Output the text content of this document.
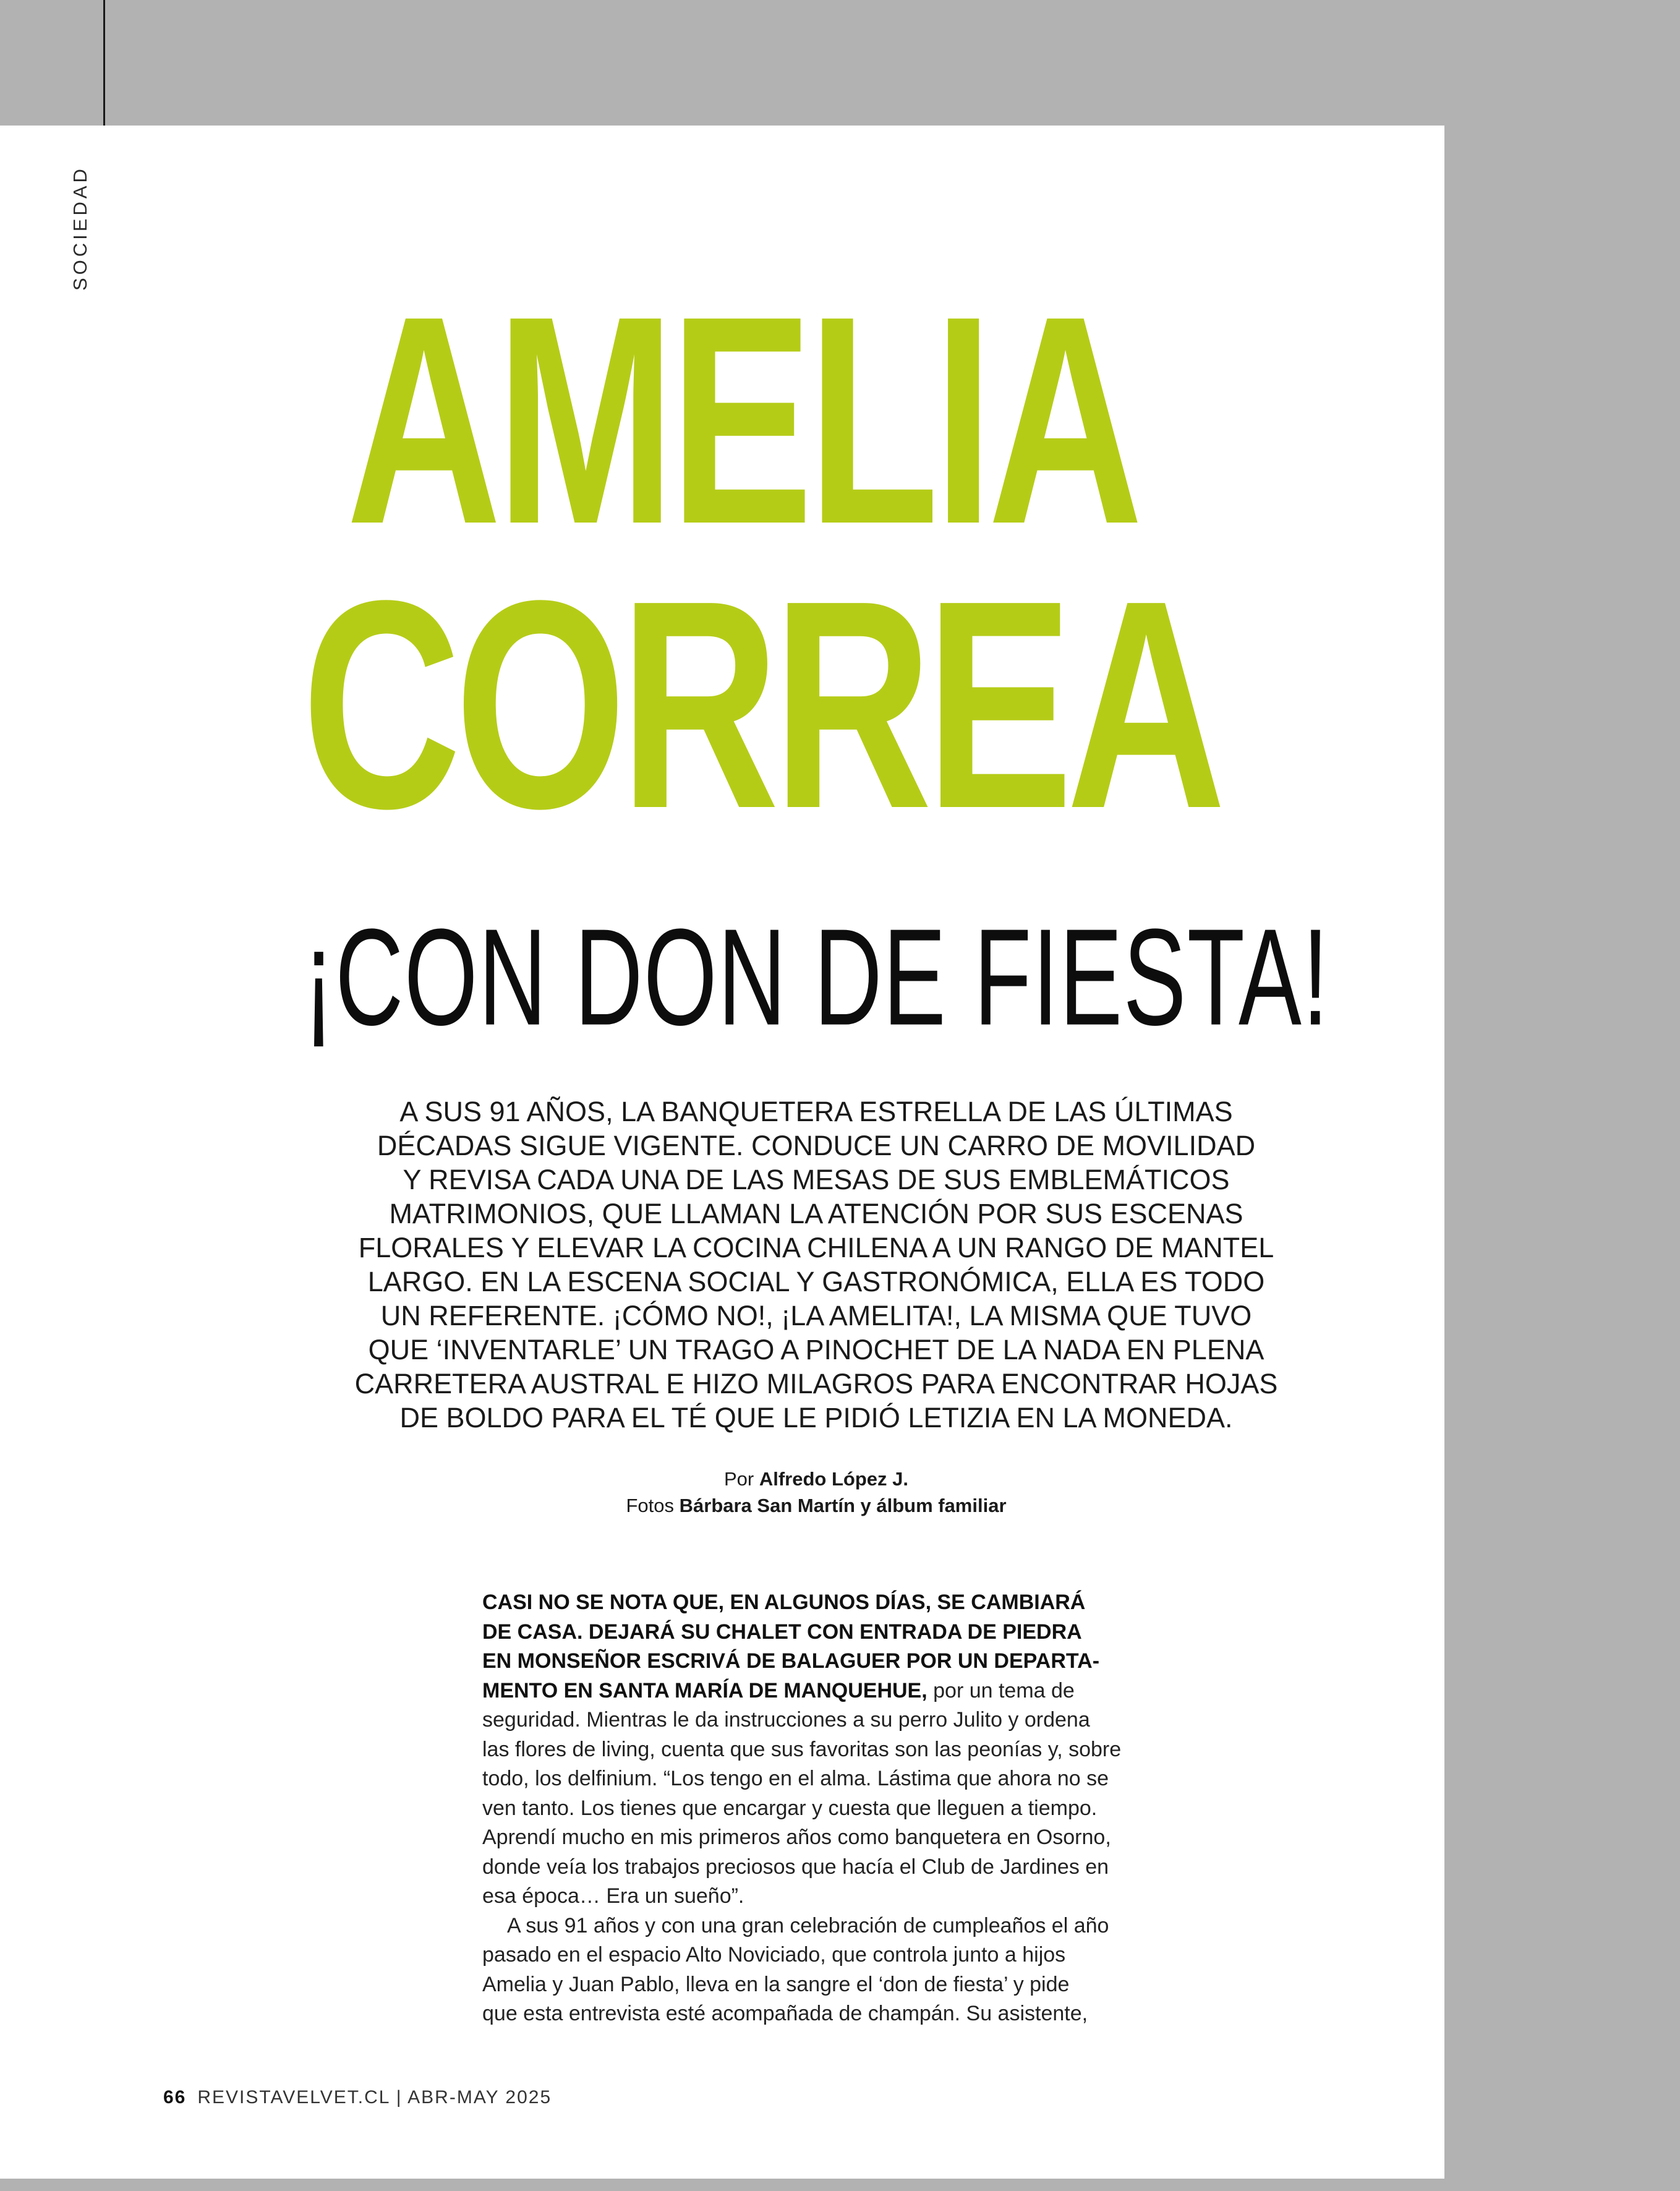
SOCIEDAD
AMELIA
CORREA
¡CON DON DE FIESTA!
A SUS 91 AÑOS, LA BANQUETERA ESTRELLA DE LAS ÚLTIMAS
DÉCADAS SIGUE VIGENTE. CONDUCE UN CARRO DE MOVILIDAD
Y REVISA CADA UNA DE LAS MESAS DE SUS EMBLEMÁTICOS
MATRIMONIOS, QUE LLAMAN LA ATENCIÓN POR SUS ESCENAS
FLORALES Y ELEVAR LA COCINA CHILENA A UN RANGO DE MANTEL
LARGO. EN LA ESCENA SOCIAL Y GASTRONÓMICA, ELLA ES TODO
UN REFERENTE. ¡CÓMO NO!, ¡LA AMELITA!, LA MISMA QUE TUVO
QUE ‘INVENTARLE’ UN TRAGO A PINOCHET DE LA NADA EN PLENA
CARRETERA AUSTRAL E HIZO MILAGROS PARA ENCONTRAR HOJAS
DE BOLDO PARA EL TÉ QUE LE PIDIÓ LETIZIA EN LA MONEDA.
Por Alfredo López J.
Fotos Bárbara San Martín y álbum familiar

CASI NO SE NOTA QUE, EN ALGUNOS DÍAS, SE CAMBIARÁ
DE CASA. DEJARÁ SU CHALET CON ENTRADA DE PIEDRA
EN MONSEÑOR ESCRIVÁ DE BALAGUER POR UN DEPARTA-
MENTO EN SANTA MARÍA DE MANQUEHUE, por un tema de
seguridad. Mientras le da instrucciones a su perro Julito y ordena
las flores de living, cuenta que sus favoritas son las peonías y, sobre
todo, los delfinium. “Los tengo en el alma. Lástima que ahora no se
ven tanto. Los tienes que encargar y cuesta que lleguen a tiempo.
Aprendí mucho en mis primeros años como banquetera en Osorno,
donde veía los trabajos preciosos que hacía el Club de Jardines en
esa época… Era un sueño”.

A sus 91 años y con una gran celebración de cumpleaños el año
pasado en el espacio Alto Noviciado, que controla junto a hijos
Amelia y Juan Pablo, lleva en la sangre el ‘don de fiesta’ y pide
que esta entrevista esté acompañada de champán. Su asistente,

66 REVISTAVELVET.CL | ABR-MAY 2025
